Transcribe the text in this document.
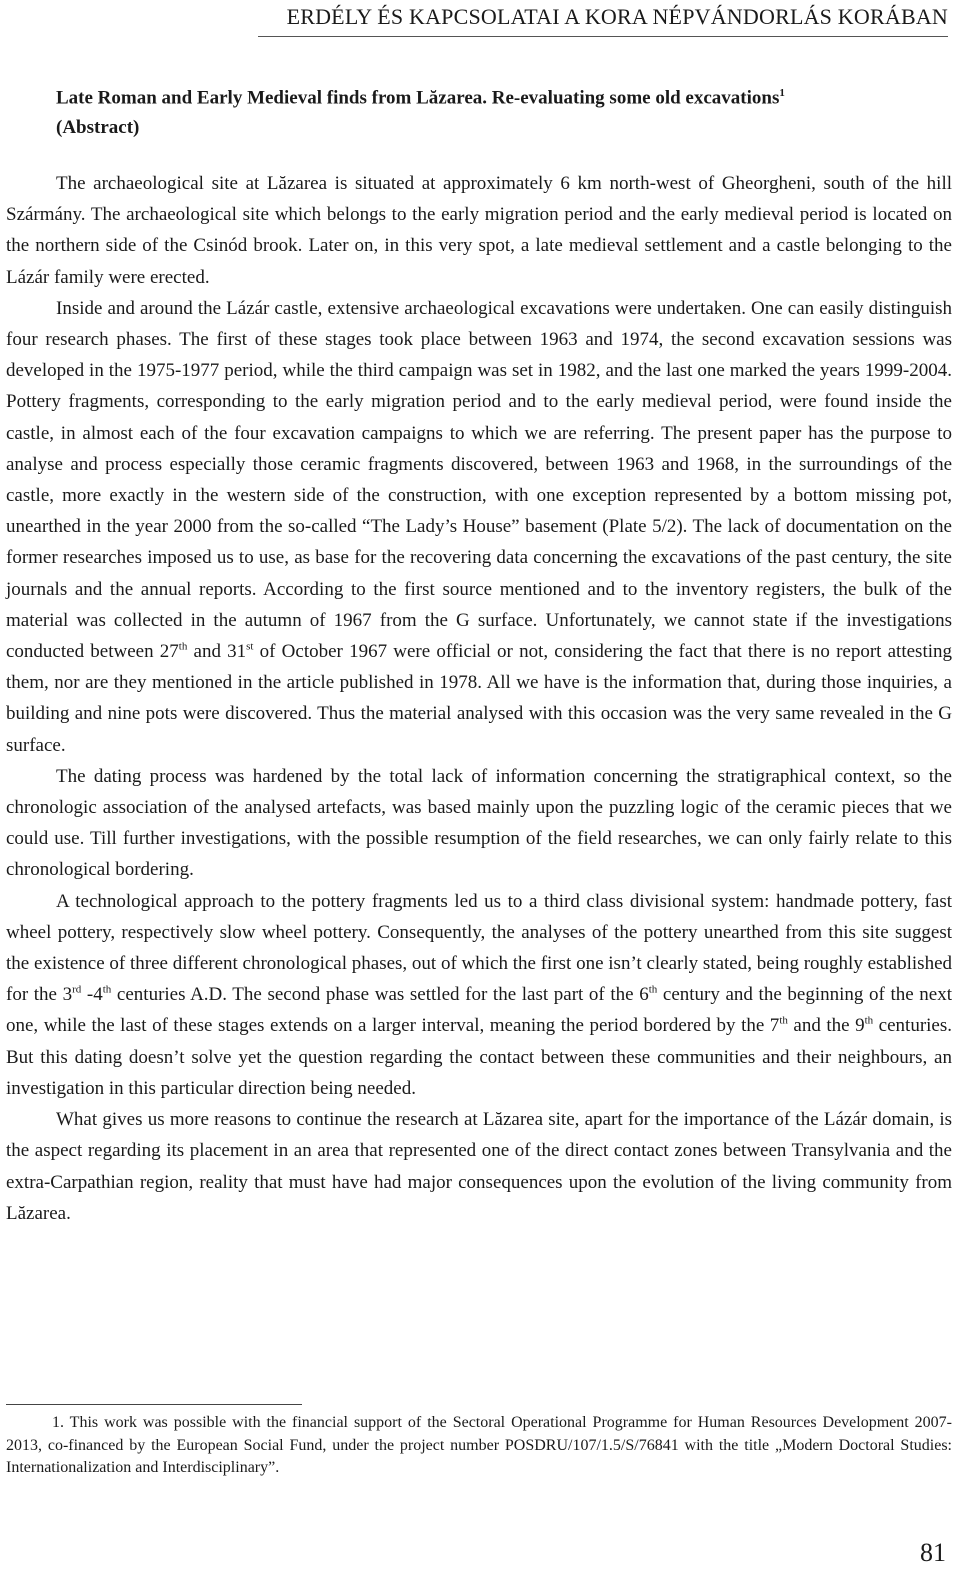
ERDÉLY ÉS KAPCSOLATAI A KORA NÉPVÁNDORLÁS KORÁBAN
Late Roman and Early Medieval finds from Lăzarea. Re-evaluating some old excavations$^1$
(Abstract)

The archaeological site at Lăzarea is situated at approximately 6 km north-west of Gheorgheni, south of the hill Szármány. The archaeological site which belongs to the early migration period and the early medieval period is located on the northern side of the Csinód brook. Later on, in this very spot, a late medieval settlement and a castle belonging to the Lázár family were erected.

Inside and around the Lázár castle, extensive archaeological excavations were undertaken. One can easily distinguish four research phases. The first of these stages took place between 1963 and 1974, the second excavation sessions was developed in the 1975-1977 period, while the third campaign was set in 1982, and the last one marked the years 1999-2004. Pottery fragments, corresponding to the early migration period and to the early medieval period, were found inside the castle, in almost each of the four excavation campaigns to which we are referring. The present paper has the purpose to analyse and process especially those ceramic fragments discovered, between 1963 and 1968, in the surroundings of the castle, more exactly in the western side of the construction, with one exception represented by a bottom missing pot, unearthed in the year 2000 from the so-called “The Lady’s House” basement (Plate 5/2). The lack of documentation on the former researches imposed us to use, as base for the recovering data concerning the excavations of the past century, the site journals and the annual reports. According to the first source mentioned and to the inventory registers, the bulk of the material was collected in the autumn of 1967 from the G surface. Unfortunately, we cannot state if the investigations conducted between 27th and 31st of October 1967 were official or not, considering the fact that there is no report attesting them, nor are they mentioned in the article published in 1978. All we have is the information that, during those inquiries, a building and nine pots were discovered. Thus the material analysed with this occasion was the very same revealed in the G surface.

The dating process was hardened by the total lack of information concerning the stratigraphical context, so the chronologic association of the analysed artefacts, was based mainly upon the puzzling logic of the ceramic pieces that we could use. Till further investigations, with the possible resumption of the field researches, we can only fairly relate to this chronological bordering.

A technological approach to the pottery fragments led us to a third class divisional system: handmade pottery, fast wheel pottery, respectively slow wheel pottery. Consequently, the analyses of the pottery unearthed from this site suggest the existence of three different chronological phases, out of which the first one isn’t clearly stated, being roughly established for the 3rd -4th centuries A.D. The second phase was settled for the last part of the 6th century and the beginning of the next one, while the last of these stages extends on a larger interval, meaning the period bordered by the 7th and the 9th centuries. But this dating doesn’t solve yet the question regarding the contact between these communities and their neighbours, an investigation in this particular direction being needed.

What gives us more reasons to continue the research at Lăzarea site, apart for the importance of the Lázár domain, is the aspect regarding its placement in an area that represented one of the direct contact zones between Transylvania and the extra-Carpathian region, reality that must have had major consequences upon the evolution of the living community from Lăzarea.

1. This work was possible with the financial support of the Sectoral Operational Programme for Human Resources Development 2007-2013, co-financed by the European Social Fund, under the project number POSDRU/107/1.5/S/76841 with the title „Modern Doctoral Studies: Internationalization and Interdisciplinary”.

81
